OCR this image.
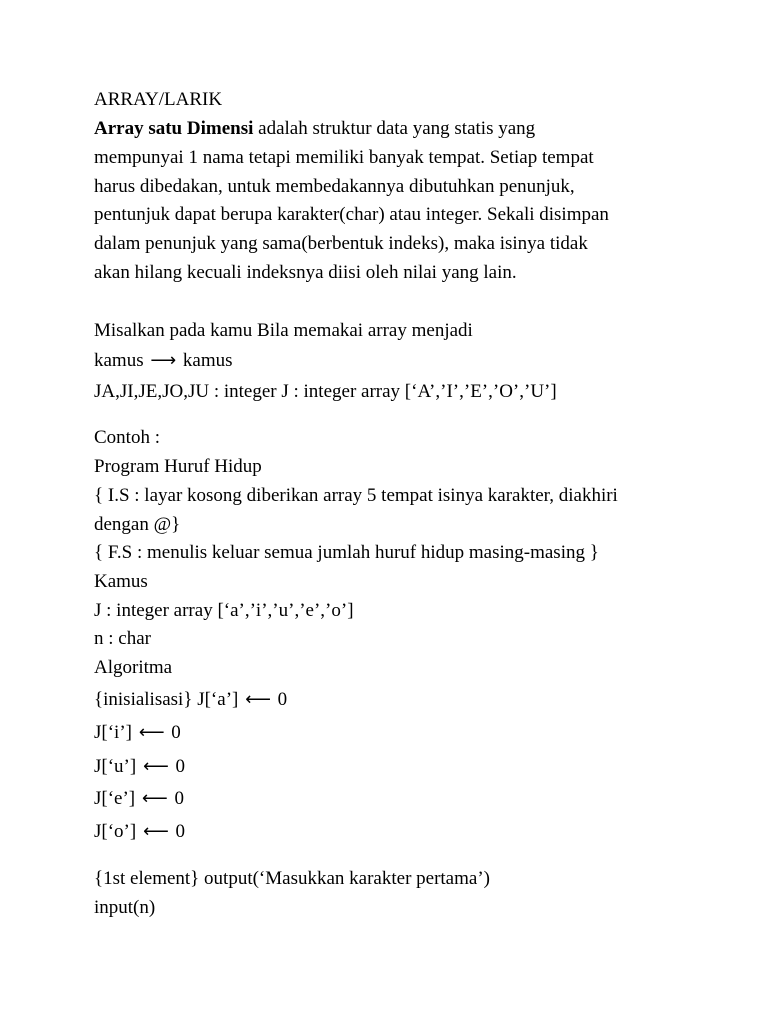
ARRAY/LARIK
Array satu Dimensi adalah struktur data yang statis yang
mempunyai 1 nama tetapi memiliki banyak tempat. Setiap tempat
harus dibedakan, untuk membedakannya dibutuhkan penunjuk,
pentunjuk dapat berupa karakter(char) atau integer. Sekali disimpan
dalam penunjuk yang sama(berbentuk indeks), maka isinya tidak
akan hilang kecuali indeksnya diisi oleh nilai yang lain.
Misalkan pada kamu Bila memakai array menjadi
kamus ⟶ kamus
JA,JI,JE,JO,JU : integer J : integer array [‘A’,’I’,’E’,’O’,’U’]
Contoh :
Program Huruf Hidup
{ I.S : layar kosong diberikan array 5 tempat isinya karakter, diakhiri
dengan @}
{ F.S : menulis keluar semua jumlah huruf hidup masing-masing }
Kamus
J : integer array [‘a’,’i’,’u’,’e’,’o’]
n : char
Algoritma
{inisialisasi} J[‘a’] ⟵ 0
J[‘i’] ⟵ 0
J[‘u’] ⟵ 0
J[‘e’] ⟵ 0
J[‘o’] ⟵ 0
{1st element} output(‘Masukkan karakter pertama’)
input(n)
